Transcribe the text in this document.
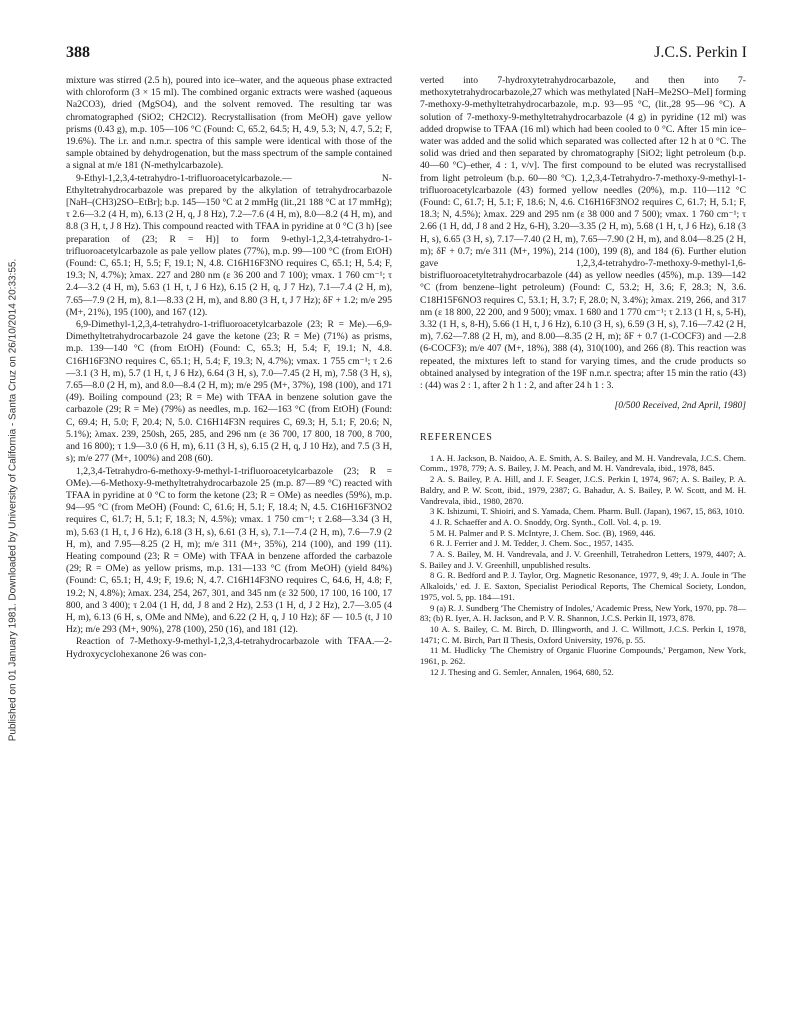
Published on 01 January 1981. Downloaded by University of California - Santa Cruz on 26/10/2014 20:33:55.
388	J.C.S. Perkin I

mixture was stirred (2.5 h), poured into ice–water, and the aqueous phase extracted with chloroform (3 × 15 ml). The combined organic extracts were washed (aqueous Na2CO3), dried (MgSO4), and the solvent removed. The resulting tar was chromatographed (SiO2; CH2Cl2). Recrystallisation (from MeOH) gave yellow prisms (0.43 g), m.p. 105—106 °C (Found: C, 65.2, 64.5; H, 4.9, 5.3; N, 4.7, 5.2; F, 19.6%). The i.r. and n.m.r. spectra of this sample were identical with those of the sample obtained by dehydrogenation, but the mass spectrum of the sample contained a signal at m/e 181 (N-methylcarbazole).

9-Ethyl-1,2,3,4-tetrahydro-1-trifluoroacetylcarbazole.— N-Ethyltetrahydrocarbazole was prepared by the alkylation of tetrahydrocarbazole [NaH–(CH3)2SO–EtBr]; b.p. 145—150 °C at 2 mmHg (lit.,21 188 °C at 17 mmHg); τ 2.6—3.2 (4 H, m), 6.13 (2 H, q, J 8 Hz), 7.2—7.6 (4 H, m), 8.0—8.2 (4 H, m), and 8.8 (3 H, t, J 8 Hz). This compound reacted with TFAA in pyridine at 0 °C (3 h) [see preparation of (23; R = H)] to form 9-ethyl-1,2,3,4-tetrahydro-1-trifluoroacetylcarbazole as pale yellow plates (77%), m.p. 99—100 °C (from EtOH) (Found: C, 65.1; H, 5.5; F, 19.1; N, 4.8. C16H16F3NO requires C, 65.1; H, 5.4; F, 19.3; N, 4.7%); λmax. 227 and 280 nm (ε 36 200 and 7 100); νmax. 1 760 cm⁻¹; τ 2.4—3.2 (4 H, m), 5.63 (1 H, t, J 6 Hz), 6.15 (2 H, q, J 7 Hz), 7.1—7.4 (2 H, m), 7.65—7.9 (2 H, m), 8.1—8.33 (2 H, m), and 8.80 (3 H, t, J 7 Hz); δF + 1.2; m/e 295 (M+, 21%), 195 (100), and 167 (12).

6,9-Dimethyl-1,2,3,4-tetrahydro-1-trifluoroacetylcarbazole (23; R = Me).—6,9-Dimethyltetrahydrocarbazole 24 gave the ketone (23; R = Me) (71%) as prisms, m.p. 139—140 °C (from EtOH) (Found: C, 65.3; H, 5.4; F, 19.1; N, 4.8. C16H16F3NO requires C, 65.1; H, 5.4; F, 19.3; N, 4.7%); νmax. 1 755 cm⁻¹; τ 2.6—3.1 (3 H, m), 5.7 (1 H, t, J 6 Hz), 6.64 (3 H, s), 7.0—7.45 (2 H, m), 7.58 (3 H, s), 7.65—8.0 (2 H, m), and 8.0—8.4 (2 H, m); m/e 295 (M+, 37%), 198 (100), and 171 (49). Boiling compound (23; R = Me) with TFAA in benzene solution gave the carbazole (29; R = Me) (79%) as needles, m.p. 162—163 °C (from EtOH) (Found: C, 69.4; H, 5.0; F, 20.4; N, 5.0. C16H14F3N requires C, 69.3; H, 5.1; F, 20.6; N, 5.1%); λmax. 239, 250sh, 265, 285, and 296 nm (ε 36 700, 17 800, 18 700, 8 700, and 16 800); τ 1.9—3.0 (6 H, m), 6.11 (3 H, s), 6.15 (2 H, q, J 10 Hz), and 7.5 (3 H, s); m/e 277 (M+, 100%) and 208 (60).

1,2,3,4-Tetrahydro-6-methoxy-9-methyl-1-trifluoroacetylcarbazole (23; R = OMe).—6-Methoxy-9-methyltetrahydrocarbazole 25 (m.p. 87—89 °C) reacted with TFAA in pyridine at 0 °C to form the ketone (23; R = OMe) as needles (59%), m.p. 94—95 °C (from MeOH) (Found: C, 61.6; H, 5.1; F, 18.4; N, 4.5. C16H16F3NO2 requires C, 61.7; H, 5.1; F, 18.3; N, 4.5%); νmax. 1 750 cm⁻¹; τ 2.68—3.34 (3 H, m), 5.63 (1 H, t, J 6 Hz), 6.18 (3 H, s), 6.61 (3 H, s), 7.1—7.4 (2 H, m), 7.6—7.9 (2 H, m), and 7.95—8.25 (2 H, m); m/e 311 (M+, 35%), 214 (100), and 199 (11). Heating compound (23; R = OMe) with TFAA in benzene afforded the carbazole (29; R = OMe) as yellow prisms, m.p. 131—133 °C (from MeOH) (yield 84%) (Found: C, 65.1; H, 4.9; F, 19.6; N, 4.7. C16H14F3NO requires C, 64.6, H, 4.8; F, 19.2; N, 4.8%); λmax. 234, 254, 267, 301, and 345 nm (ε 32 500, 17 100, 16 100, 17 800, and 3 400); τ 2.04 (1 H, dd, J 8 and 2 Hz), 2.53 (1 H, d, J 2 Hz), 2.7—3.05 (4 H, m), 6.13 (6 H, s, OMe and NMe), and 6.22 (2 H, q, J 10 Hz); δF — 10.5 (t, J 10 Hz); m/e 293 (M+, 90%), 278 (100), 250 (16), and 181 (12).

Reaction of 7-Methoxy-9-methyl-1,2,3,4-tetrahydrocarbazole with TFAA.—2-Hydroxycyclohexanone 26 was con-

verted into 7-hydroxytetrahydrocarbazole, and then into 7-methoxytetrahydrocarbazole,27 which was methylated [NaH–Me2SO–MeI] forming 7-methoxy-9-methyltetrahydrocarbazole, m.p. 93—95 °C, (lit.,28 95—96 °C). A solution of 7-methoxy-9-methyltetrahydrocarbazole (4 g) in pyridine (12 ml) was added dropwise to TFAA (16 ml) which had been cooled to 0 °C. After 15 min ice–water was added and the solid which separated was collected after 12 h at 0 °C. The solid was dried and then separated by chromatography [SiO2; light petroleum (b.p. 40—60 °C)–ether, 4 : 1, v/v]. The first compound to be eluted was recrystallised from light petroleum (b.p. 60—80 °C). 1,2,3,4-Tetrahydro-7-methoxy-9-methyl-1-trifluoroacetylcarbazole (43) formed yellow needles (20%), m.p. 110—112 °C (Found: C, 61.7; H, 5.1; F, 18.6; N, 4.6. C16H16F3NO2 requires C, 61.7; H, 5.1; F, 18.3; N, 4.5%); λmax. 229 and 295 nm (ε 38 000 and 7 500); νmax. 1 760 cm⁻¹; τ 2.66 (1 H, dd, J 8 and 2 Hz, 6-H), 3.20—3.35 (2 H, m), 5.68 (1 H, t, J 6 Hz), 6.18 (3 H, s), 6.65 (3 H, s), 7.17—7.40 (2 H, m), 7.65—7.90 (2 H, m), and 8.04—8.25 (2 H, m); δF + 0.7; m/e 311 (M+, 19%), 214 (100), 199 (8), and 184 (6). Further elution gave 1,2,3,4-tetrahydro-7-methoxy-9-methyl-1,6-bistrifluoroacetyltetrahydrocarbazole (44) as yellow needles (45%), m.p. 139—142 °C (from benzene–light petroleum) (Found: C, 53.2; H, 3.6; F, 28.3; N, 3.6. C18H15F6NO3 requires C, 53.1; H, 3.7; F, 28.0; N, 3.4%); λmax. 219, 266, and 317 nm (ε 18 800, 22 200, and 9 500); νmax. 1 680 and 1 770 cm⁻¹; τ 2.13 (1 H, s, 5-H), 3.32 (1 H, s, 8-H), 5.66 (1 H, t, J 6 Hz), 6.10 (3 H, s), 6.59 (3 H, s), 7.16—7.42 (2 H, m), 7.62—7.88 (2 H, m), and 8.00—8.35 (2 H, m); δF + 0.7 (1-COCF3) and —2.8 (6-COCF3); m/e 407 (M+, 18%), 388 (4), 310(100), and 266 (8). This reaction was repeated, the mixtures left to stand for varying times, and the crude products so obtained analysed by integration of the 19F n.m.r. spectra; after 15 min the ratio (43) : (44) was 2 : 1, after 2 h 1 : 2, and after 24 h 1 : 3.

[0/500 Received, 2nd April, 1980]
REFERENCES

1 A. H. Jackson, B. Naidoo, A. E. Smith, A. S. Bailey, and M. H. Vandrevala, J.C.S. Chem. Comm., 1978, 779; A. S. Bailey, J. M. Peach, and M. H. Vandrevala, ibid., 1978, 845.

2 A. S. Bailey, P. A. Hill, and J. F. Seager, J.C.S. Perkin I, 1974, 967; A. S. Bailey, P. A. Baldry, and P. W. Scott, ibid., 1979, 2387; G. Bahadur, A. S. Bailey, P. W. Scott, and M. H. Vandrevala, ibid., 1980, 2870.

3 K. Ishizumi, T. Shioiri, and S. Yamada, Chem. Pharm. Bull. (Japan), 1967, 15, 863, 1010.

4 J. R. Schaeffer and A. O. Snoddy, Org. Synth., Coll. Vol. 4, p. 19.

5 M. H. Palmer and P. S. McIntyre, J. Chem. Soc. (B), 1969, 446.

6 R. J. Ferrier and J. M. Tedder, J. Chem. Soc., 1957, 1435.

7 A. S. Bailey, M. H. Vandrevala, and J. V. Greenhill, Tetrahedron Letters, 1979, 4407; A. S. Bailey and J. V. Greenhill, unpublished results.

8 G. R. Bedford and P. J. Taylor, Org. Magnetic Resonance, 1977, 9, 49; J. A. Joule in 'The Alkaloids,' ed. J. E. Saxton, Specialist Periodical Reports, The Chemical Society, London, 1975, vol. 5, pp. 184—191.

9 (a) R. J. Sundberg 'The Chemistry of Indoles,' Academic Press, New York, 1970, pp. 78—83; (b) R. Iyer, A. H. Jackson, and P. V. R. Shannon, J.C.S. Perkin II, 1973, 878.

10 A. S. Bailey, C. M. Birch, D. Illingworth, and J. C. Willmott, J.C.S. Perkin I, 1978, 1471; C. M. Birch, Part II Thesis, Oxford University, 1976, p. 55.

11 M. Hudlicky 'The Chemistry of Organic Fluorine Compounds,' Pergamon, New York, 1961, p. 262.

12 J. Thesing and G. Semler, Annalen, 1964, 680, 52.
